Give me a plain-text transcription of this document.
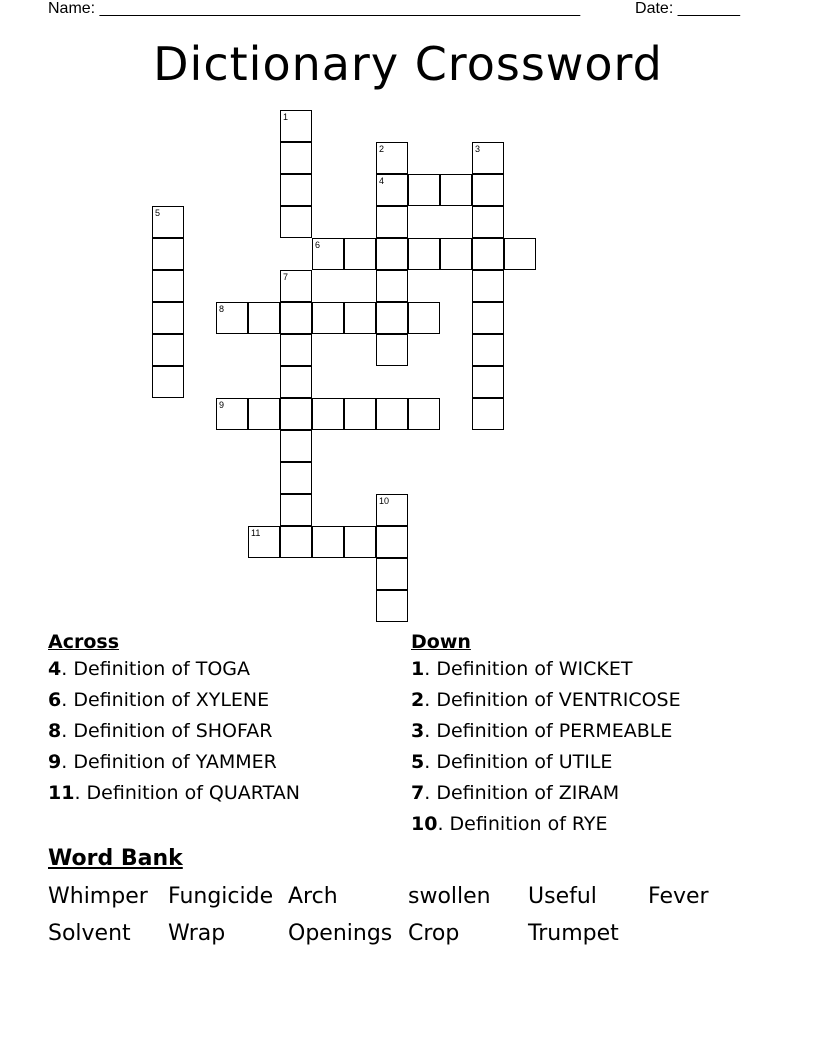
Name: ______________________________________________________	Date: _______
Dictionary Crossword
4
6
8
9
11
1
2	3
5
7
10
Across
4. Definition of TOGA
6. Definition of XYLENE
8. Definition of SHOFAR
9. Definition of YAMMER
11. Definition of QUARTAN
Down
1. Definition of WICKET
2. Definition of VENTRICOSE
3. Definition of PERMEABLE
5. Definition of UTILE
7. Definition of ZIRAM
10. Definition of RYE
Word Bank
Whimper Fungicide Arch	swollen	Useful	Fever
Solvent	Wrap	Openings Crop	Trumpet
